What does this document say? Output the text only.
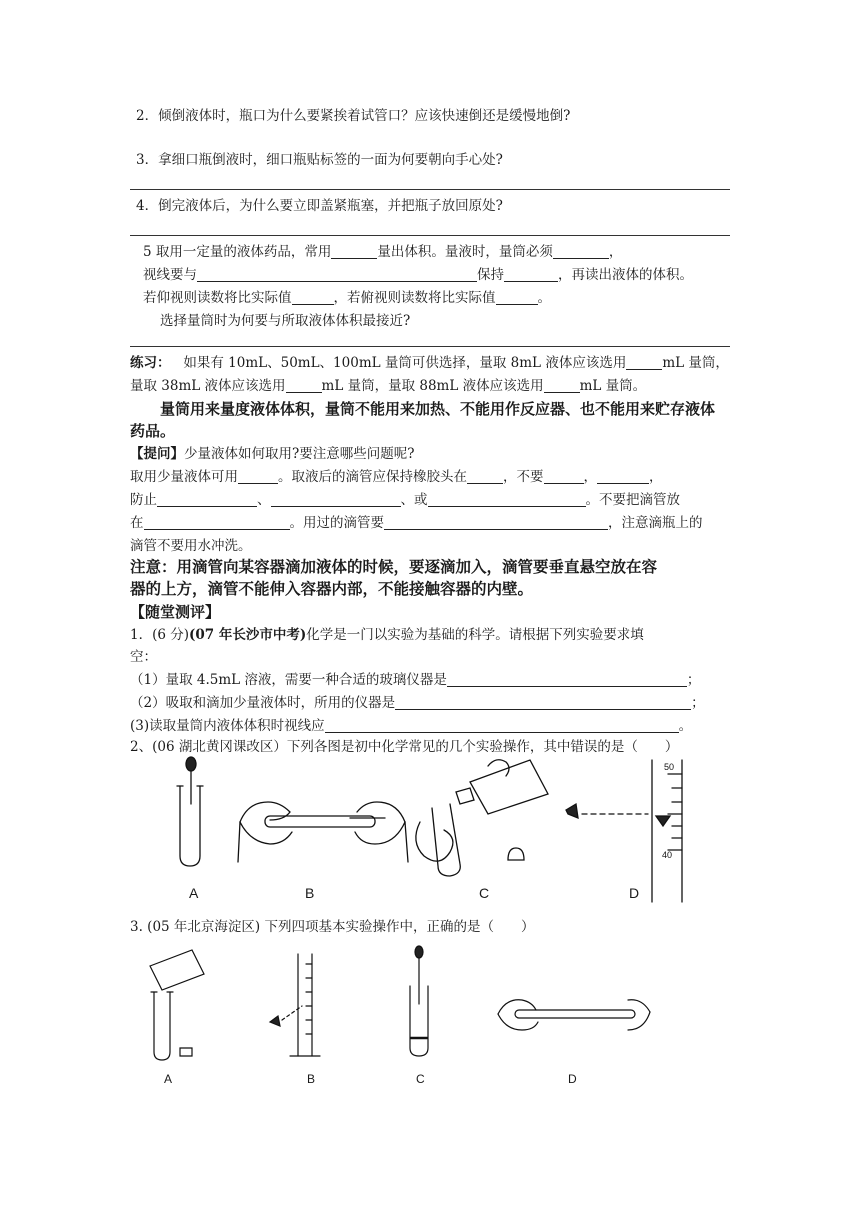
2．倾倒液体时，瓶口为什么要紧挨着试管口？应该快速倒还是缓慢地倒?
3．拿细口瓶倒液时，细口瓶贴标签的一面为何要朝向手心处?
4．倒完液体后，为什么要立即盖紧瓶塞，并把瓶子放回原处?
5 取用一定量的液体药品，常用	量出体积。量液时，量筒必须	，
视线要与	保持	，再读出液体的体积。
若仰视则读数将比实际值	，若俯视则读数将比实际值	。
选择量筒时为何要与所取液体体积最接近?
练习： 如果有 10mL、50mL、100mL 量筒可供选择，量取 8mL 液体应该选用	mL 量筒，
量取 38mL 液体应该选用	mL 量筒，量取 88mL 液体应该选用	mL 量筒。
量筒用来量度液体体积，量筒不能用来加热、不能用作反应器、也不能用来贮存液体
药品。
【提问】少量液体如何取用?要注意哪些问题呢?
取用少量液体可用	。取液后的滴管应保持橡胶头在	，不要	，	，
防止	、	、或	。不要把滴管放
在	。用过的滴管要	，注意滴瓶上的
滴管不要用水冲洗。
注意：用滴管向某容器滴加液体的时候，要逐滴加入，滴管要垂直悬空放在容
器的上方，滴管不能伸入容器内部，不能接触容器的内壁。
【随堂测评】
1．(6 分)(07 年长沙市中考)化学是一门以实验为基础的科学。请根据下列实验要求填
空：
（1）量取 4.5mL 溶液，需要一种合适的玻璃仪器是	；
（2）吸取和滴加少量液体时，所用的仪器是	；
(3)读取量筒内液体体积时视线应	。
2、(06 湖北黄冈课改区）下列各图是初中化学常见的几个实验操作，其中错误的是（　　）
50
40
A	B	C	D
3. (05 年北京海淀区) 下列四项基本实验操作中，正确的是（　　）
A	B	C	D
